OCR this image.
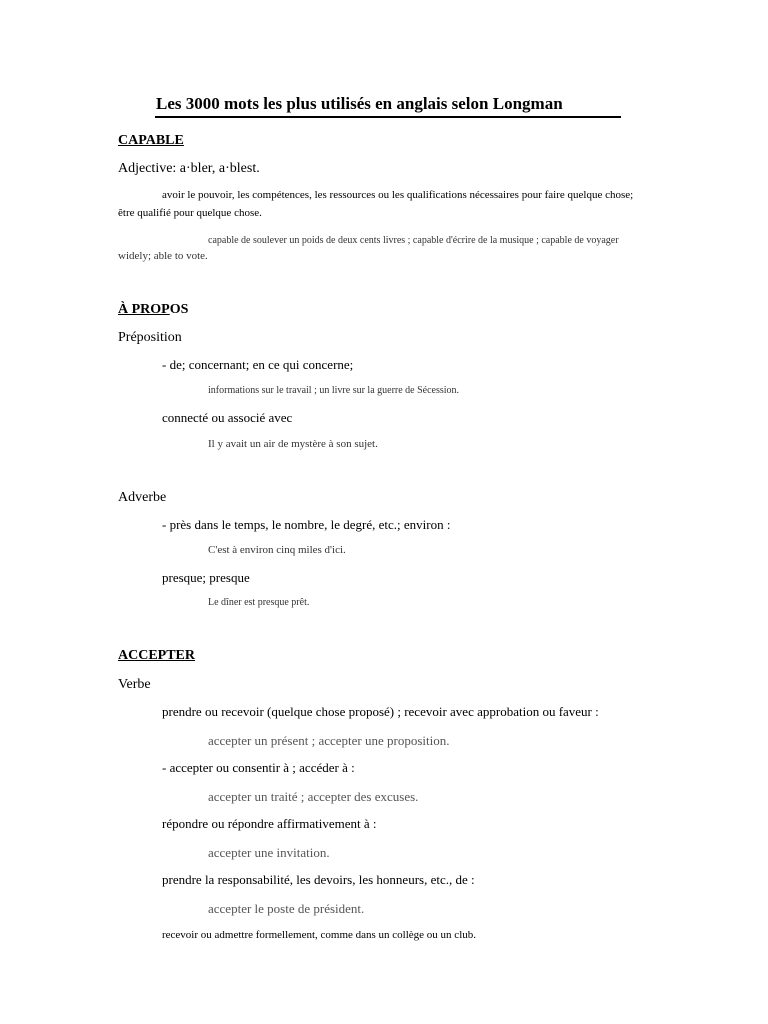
Les 3000 mots les plus utilisés en anglais selon Longman
CAPABLE
Adjective: a·bler, a·blest.
avoir le pouvoir, les compétences, les ressources ou les qualifications nécessaires pour faire quelque chose;
être qualifié pour quelque chose.
capable de soulever un poids de deux cents livres ; capable d'écrire de la musique ; capable de voyager
widely; able to vote.
À PROPOS
Préposition
- de; concernant; en ce qui concerne;
informations sur le travail ; un livre sur la guerre de Sécession.
connecté ou associé avec
Il y avait un air de mystère à son sujet.
Adverbe
- près dans le temps, le nombre, le degré, etc.; environ :
C'est à environ cinq miles d'ici.
presque; presque
Le dîner est presque prêt.
ACCEPTER
Verbe
prendre ou recevoir (quelque chose proposé) ; recevoir avec approbation ou faveur :
accepter un présent ; accepter une proposition.
- accepter ou consentir à ; accéder à :
accepter un traité ; accepter des excuses.
répondre ou répondre affirmativement à :
accepter une invitation.
prendre la responsabilité, les devoirs, les honneurs, etc., de :
accepter le poste de président.
recevoir ou admettre formellement, comme dans un collège ou un club.
